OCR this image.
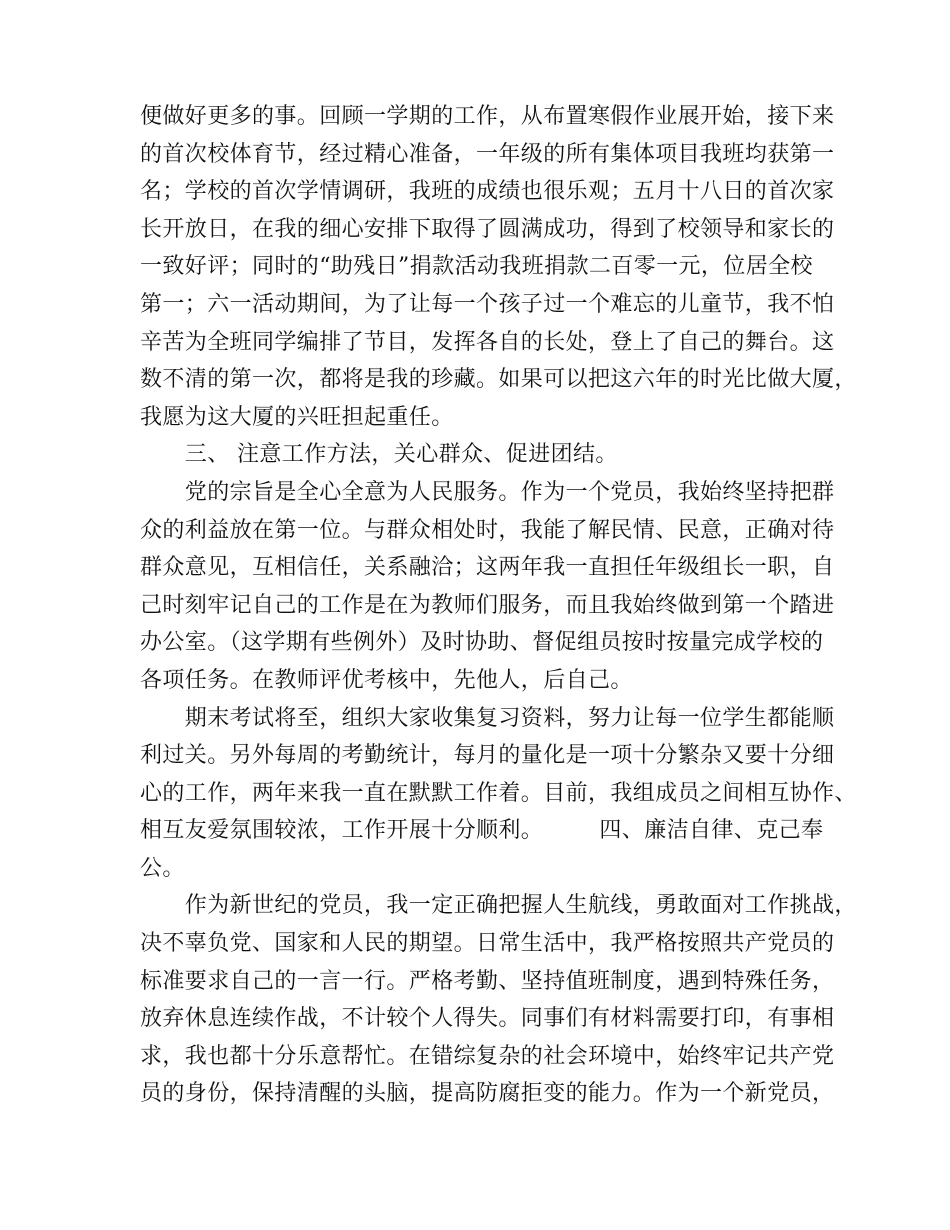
便做好更多的事。回顾一学期的工作，从布置寒假作业展开始，接下来
的首次校体育节，经过精心准备，一年级的所有集体项目我班均获第一
名；学校的首次学情调研，我班的成绩也很乐观；五月十八日的首次家
长开放日，在我的细心安排下取得了圆满成功，得到了校领导和家长的
一致好评；同时的“助残日”捐款活动我班捐款二百零一元，位居全校
第一；六一活动期间，为了让每一个孩子过一个难忘的儿童节，我不怕
辛苦为全班同学编排了节目，发挥各自的长处，登上了自己的舞台。这
数不清的第一次，都将是我的珍藏。如果可以把这六年的时光比做大厦，
我愿为这大厦的兴旺担起重任。
　　三、 注意工作方法，关心群众、促进团结。
　　党的宗旨是全心全意为人民服务。作为一个党员，我始终坚持把群
众的利益放在第一位。与群众相处时，我能了解民情、民意，正确对待
群众意见，互相信任，关系融洽；这两年我一直担任年级组长一职，自
己时刻牢记自己的工作是在为教师们服务，而且我始终做到第一个踏进
办公室。（这学期有些例外）及时协助、督促组员按时按量完成学校的
各项任务。在教师评优考核中，先他人，后自己。
　　期末考试将至，组织大家收集复习资料，努力让每一位学生都能顺
利过关。另外每周的考勤统计，每月的量化是一项十分繁杂又要十分细
心的工作，两年来我一直在默默工作着。目前，我组成员之间相互协作、
相互友爱氛围较浓，工作开展十分顺利。　　　四、廉洁自律、克己奉
公。
　　作为新世纪的党员，我一定正确把握人生航线，勇敢面对工作挑战，
决不辜负党、国家和人民的期望。日常生活中，我严格按照共产党员的
标准要求自己的一言一行。严格考勤、坚持值班制度，遇到特殊任务，
放弃休息连续作战，不计较个人得失。同事们有材料需要打印，有事相
求，我也都十分乐意帮忙。在错综复杂的社会环境中，始终牢记共产党
员的身份，保持清醒的头脑，提高防腐拒变的能力。作为一个新党员，
